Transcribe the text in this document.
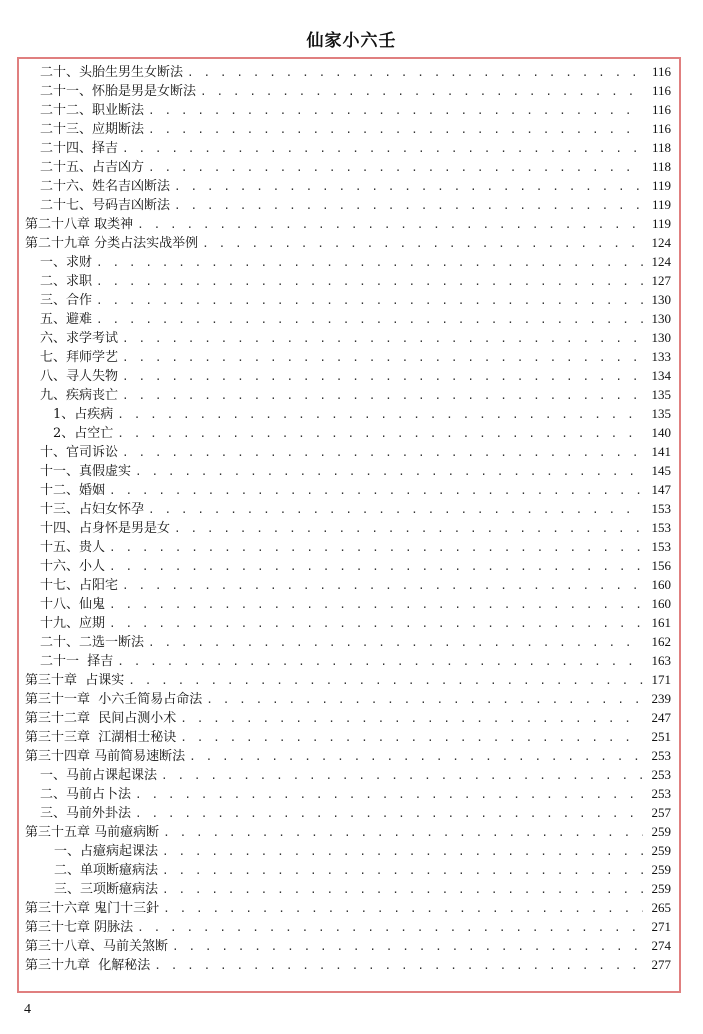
仙家小六壬
二十、头胎生男生女断法 . . .	116
二十一、怀胎是男是女断法 . . .	116
二十二、职业断法 . . .	116
二十三、应期断法 . . .	116
二十四、择吉 . . .	118
二十五、占吉凶方 . . .	118
二十六、姓名吉凶断法 . . .	119
二十七、号码吉凶断法 . . .	119
第二十八章 取类神 . . .	119
第二十九章 分类占法实战举例 . . .	124
一、求财 . . .	124
二、求职 . . .	127
三、合作 . . .	130
五、避难 . . .	130
六、求学考试 . . .	130
七、拜师学艺 . . .	133
八、寻人失物 . . .	134
九、疾病丧亡 . . .	135
1、占疾病 . . .	135
2、占空亡 . . .	140
十、官司诉讼 . . .	141
十一、真假虚实 . . .	145
十二、婚姻 . . .	147
十三、占妇女怀孕 . . .	153
十四、占身怀是男是女 . . .	153
十五、贵人 . . .	153
十六、小人 . . .	156
十七、占阳宅 . . .	160
十八、仙鬼 . . .	160
十九、应期 . . .	161
二十、二选一断法 . . .	162
二十一  择吉 . . .	163
第三十章  占课实 . . .	171
第三十一章  小六壬简易占命法 . . .	239
第三十二章  民间占测小术 . . .	247
第三十三章  江湖相士秘诀 . . .	251
第三十四章 马前简易速断法 . . .	253
一、马前占课起课法 . . .	253
二、马前占卜法 . . .	253
三、马前外卦法 . . .	257
第三十五章 马前癔病断 . . .	259
一、占癔病起课法 . . .	259
二、单项断癔病法 . . .	259
三、三项断癔病法 . . .	259
第三十六章 鬼门十三針 . . .	265
第三十七章 阴脉法 . . .	271
第三十八章、马前关煞断 . . .	274
第三十九章  化解秘法 . . .	277
4
